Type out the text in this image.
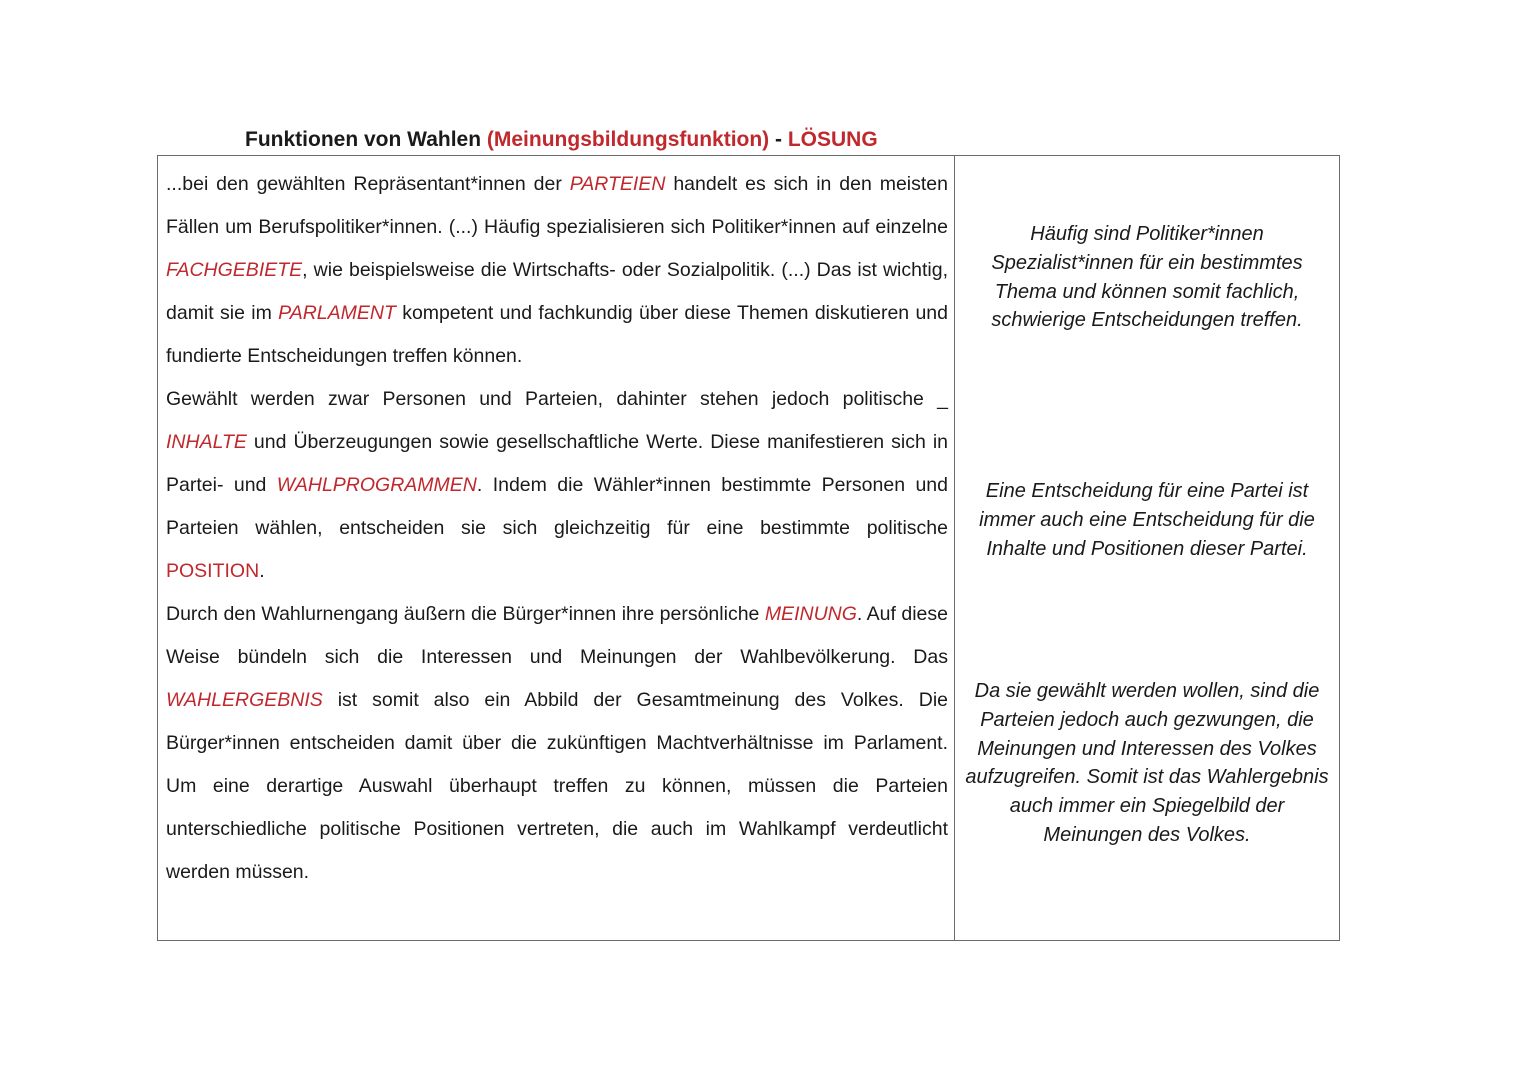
Funktionen von Wahlen (Meinungsbildungsfunktion) - LÖSUNG

...bei den gewählten Repräsentant*innen der PARTEIEN handelt es sich in den meisten Fällen um Berufspolitiker*innen. (...) Häufig spezialisieren sich Politiker*innen auf einzelne FACHGEBIETE, wie beispielsweise die Wirtschafts- oder Sozialpolitik. (...) Das ist wichtig, damit sie im PARLAMENT kompetent und fachkundig über diese Themen diskutieren und fundierte Entscheidungen treffen können.

Gewählt werden zwar Personen und Parteien, dahinter stehen jedoch politische _ INHALTE und Überzeugungen sowie gesellschaftliche Werte. Diese manifestieren sich in Partei- und WAHLPROGRAMMEN. Indem die Wähler*innen bestimmte Personen und Parteien wählen, entscheiden sie sich gleichzeitig für eine bestimmte politische POSITION.

Durch den Wahlurnengang äußern die Bürger*innen ihre persönliche MEINUNG. Auf diese Weise bündeln sich die Interessen und Meinungen der Wahlbevölkerung. Das WAHLERGEBNIS ist somit also ein Abbild der Gesamtmeinung des Volkes. Die Bürger*innen entscheiden damit über die zukünftigen Machtverhältnisse im Parlament. Um eine derartige Auswahl überhaupt treffen zu können, müssen die Parteien unterschiedliche politische Positionen vertreten, die auch im Wahlkampf verdeutlicht werden müssen.

Häufig sind Politiker*innen Spezialist*innen für ein bestimmtes Thema und können somit fachlich, schwierige Entscheidungen treffen.
Eine Entscheidung für eine Partei ist immer auch eine Entscheidung für die Inhalte und Positionen dieser Partei.
Da sie gewählt werden wollen, sind die Parteien jedoch auch gezwungen, die Meinungen und Interessen des Volkes aufzugreifen. Somit ist das Wahlergebnis auch immer ein Spiegelbild der Meinungen des Volkes.
